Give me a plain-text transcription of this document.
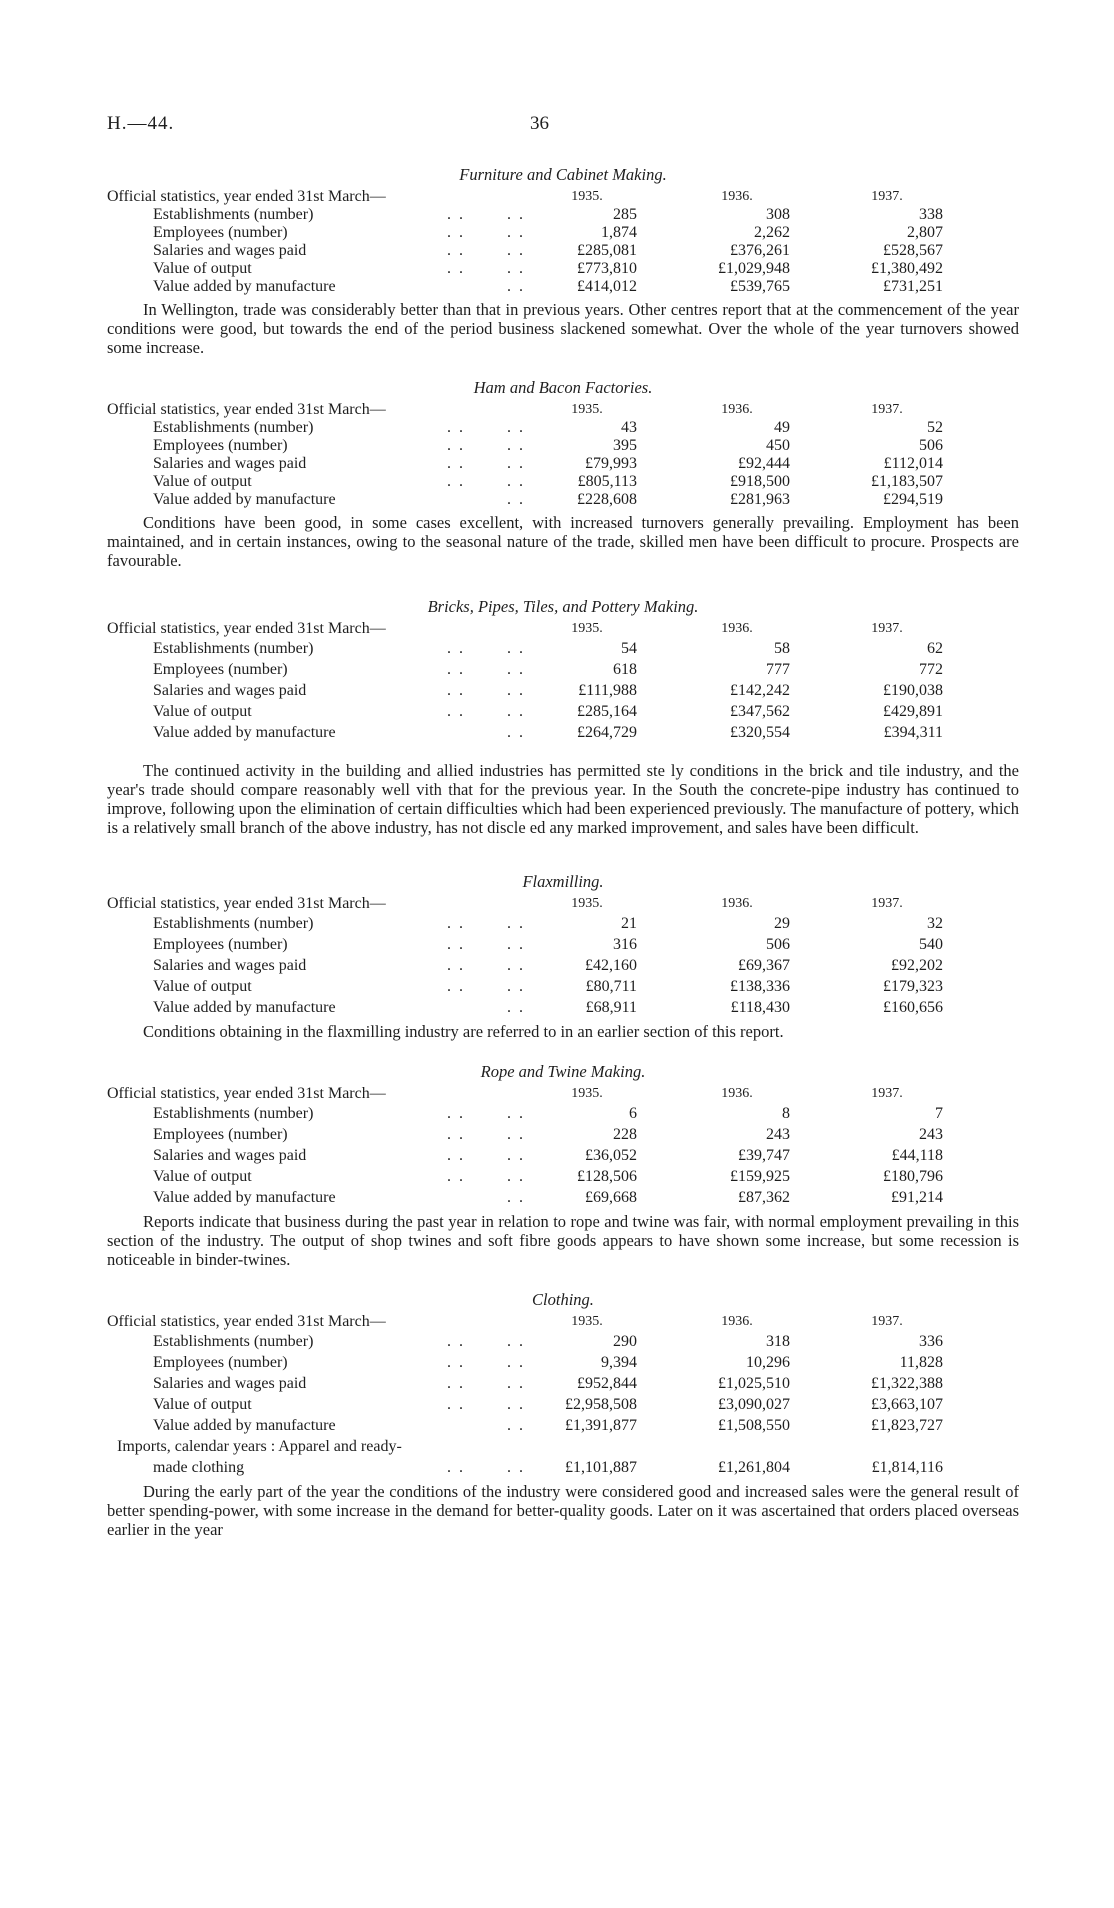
H.—44.	36
Furniture and Cabinet Making.
Official statistics, year ended 31st March—	1935.	1936.	1937.
Establishments (number)	. .	. .	285	308	338
Employees (number)	. .	. .	1,874	2,262	2,807
Salaries and wages paid	. .	. .	£285,081	£376,261	£528,567
Value of output	. .	. .	£773,810	£1,029,948	£1,380,492
Value added by manufacture	. .	£414,012	£539,765	£731,251

In Wellington, trade was considerably better than that in previous years. Other centres report that at the commencement of the year conditions were good, but towards the end of the period business slackened somewhat. Over the whole of the year turnovers showed some increase.

Ham and Bacon Factories.
Official statistics, year ended 31st March—	1935.	1936.	1937.
Establishments (number)	. .	. .	43	49	52
Employees (number)	. .	. .	395	450	506
Salaries and wages paid	. .	. .	£79,993	£92,444	£112,014
Value of output	. .	. .	£805,113	£918,500	£1,183,507
Value added by manufacture	. .	£228,608	£281,963	£294,519

Conditions have been good, in some cases excellent, with increased turnovers generally prevailing. Employment has been maintained, and in certain instances, owing to the seasonal nature of the trade, skilled men have been difficult to procure. Prospects are favourable.

Bricks, Pipes, Tiles, and Pottery Making.
Official statistics, year ended 31st March—	1935.	1936.	1937.
Establishments (number)	. .	. .	54	58	62
Employees (number)	. .	. .	618	777	772
Salaries and wages paid	. .	. .	£111,988	£142,242	£190,038
Value of output	. .	. .	£285,164	£347,562	£429,891
Value added by manufacture	. .	£264,729	£320,554	£394,311

The continued activity in the building and allied industries has permitted ste ly conditions in the brick and tile industry, and the year's trade should compare reasonably well vith that for the previous year. In the South the concrete-pipe industry has continued to improve, following upon the elimination of certain difficulties which had been experienced previously. The manufacture of pottery, which is a relatively small branch of the above industry, has not discle ed any marked improvement, and sales have been difficult.

Flaxmilling.
Official statistics, year ended 31st March—	1935.	1936.	1937.
Establishments (number)	. .	. .	21	29	32
Employees (number)	. .	. .	316	506	540
Salaries and wages paid	. .	. .	£42,160	£69,367	£92,202
Value of output	. .	. .	£80,711	£138,336	£179,323
Value added by manufacture	. .	£68,911	£118,430	£160,656

Conditions obtaining in the flaxmilling industry are referred to in an earlier section of this report.

Rope and Twine Making.
Official statistics, year ended 31st March—	1935.	1936.	1937.
Establishments (number)	. .	. .	6	8	7
Employees (number)	. .	. .	228	243	243
Salaries and wages paid	. .	. .	£36,052	£39,747	£44,118
Value of output	. .	. .	£128,506	£159,925	£180,796
Value added by manufacture	. .	£69,668	£87,362	£91,214

Reports indicate that business during the past year in relation to rope and twine was fair, with normal employment prevailing in this section of the industry. The output of shop twines and soft fibre goods appears to have shown some increase, but some recession is noticeable in binder-twines.

Clothing.
Official statistics, year ended 31st March—	1935.	1936.	1937.
Establishments (number)	. .	. .	290	318	336
Employees (number)	. .	. .	9,394	10,296	11,828
Salaries and wages paid	. .	. .	£952,844	£1,025,510	£1,322,388
Value of output	. .	. .	£2,958,508	£3,090,027	£3,663,107
Value added by manufacture	. .	£1,391,877	£1,508,550	£1,823,727
Imports, calendar years : Apparel and ready-
made clothing	. .	. .	£1,101,887	£1,261,804	£1,814,116

During the early part of the year the conditions of the industry were considered good and increased sales were the general result of better spending-power, with some increase in the demand for better-quality goods. Later on it was ascertained that orders placed overseas earlier in the year
